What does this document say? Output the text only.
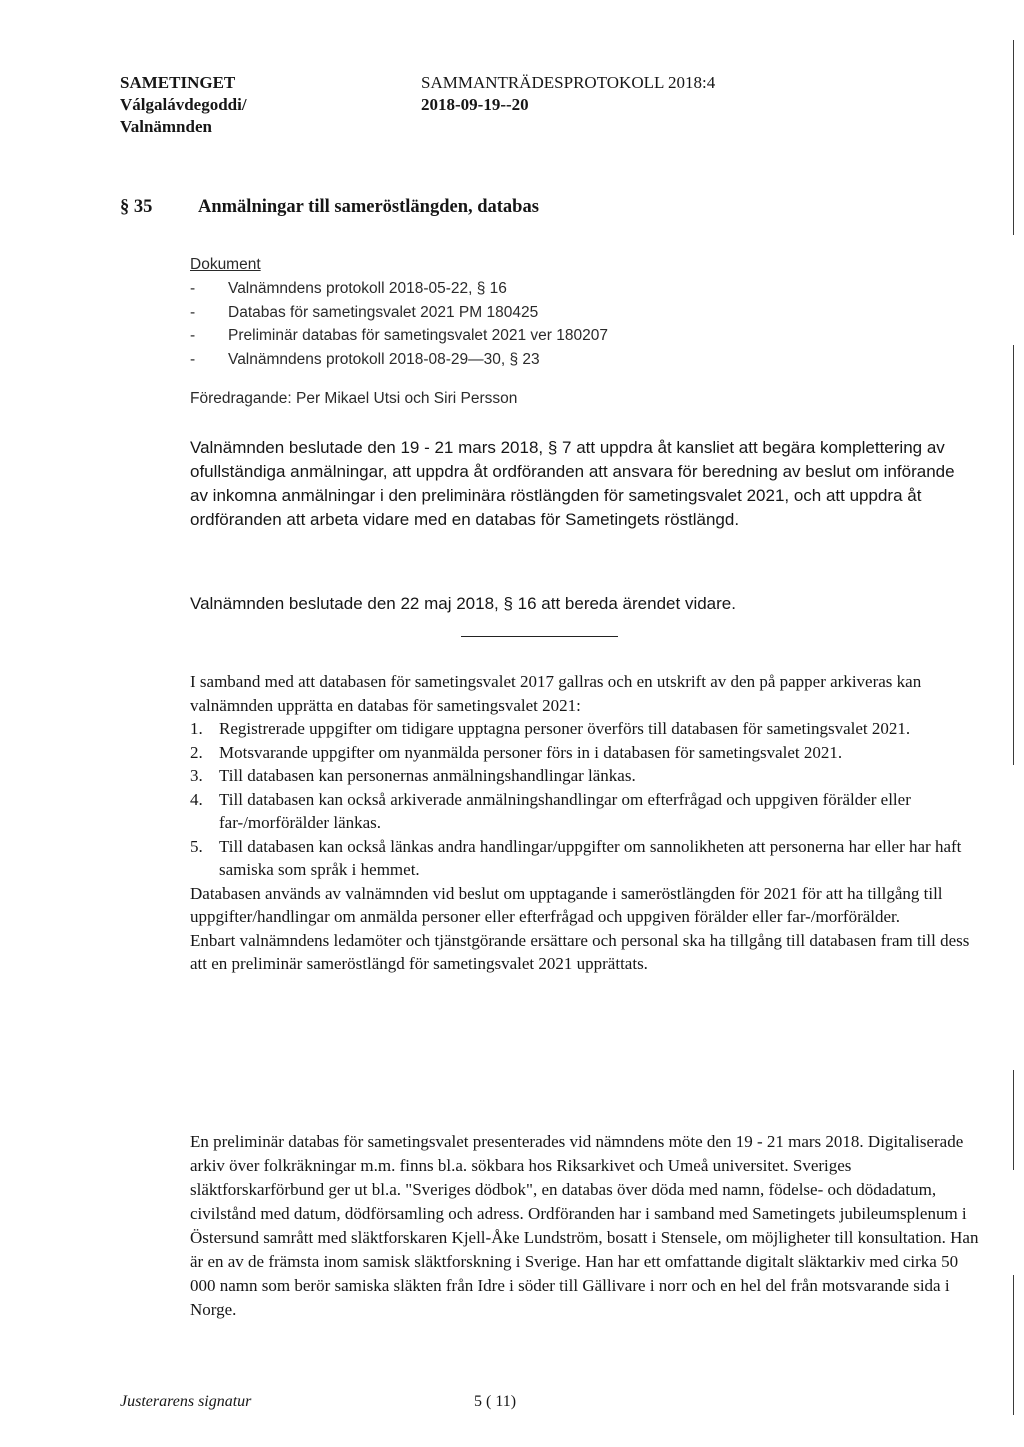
SAMETINGET
Válgalávdegoddi/
Valnämnden
SAMMANTRÄDESPROTOKOLL 2018:4
2018-09-19--20
§ 35 Anmälningar till sameröstlängden, databas
Dokument
- Valnämndens protokoll 2018-05-22, § 16
- Databas för sametingsvalet 2021 PM 180425
- Preliminär databas för sametingsvalet 2021 ver 180207
- Valnämndens protokoll 2018-08-29—30, § 23
Föredragande: Per Mikael Utsi och Siri Persson
Valnämnden beslutade den 19 - 21 mars 2018, § 7 att uppdra åt kansliet att begära komplettering av ofullständiga anmälningar, att uppdra åt ordföranden att ansvara för beredning av beslut om införande av inkomna anmälningar i den preliminära röstlängden för sametingsvalet 2021, och att uppdra åt ordföranden att arbeta vidare med en databas för Sametingets röstlängd.
Valnämnden beslutade den 22 maj 2018, § 16 att bereda ärendet vidare.

I samband med att databasen för sametingsvalet 2017 gallras och en utskrift av den på papper arkiveras kan valnämnden upprätta en databas för sametingsvalet 2021:

1. Registrerade uppgifter om tidigare upptagna personer överförs till databasen för sametingsvalet 2021.
2. Motsvarande uppgifter om nyanmälda personer förs in i databasen för sametingsvalet 2021.
3. Till databasen kan personernas anmälningshandlingar länkas.
4. Till databasen kan också arkiverade anmälningshandlingar om efterfrågad och uppgiven förälder eller far-/morförälder länkas.
5. Till databasen kan också länkas andra handlingar/uppgifter om sannolikheten att personerna har eller har haft samiska som språk i hemmet.

Databasen används av valnämnden vid beslut om upptagande i sameröstlängden för 2021 för att ha tillgång till uppgifter/handlingar om anmälda personer eller efterfrågad och uppgiven förälder eller far-/morförälder.

Enbart valnämndens ledamöter och tjänstgörande ersättare och personal ska ha tillgång till databasen fram till dess att en preliminär sameröstlängd för sametingsvalet 2021 upprättats.

En preliminär databas för sametingsvalet presenterades vid nämndens möte den 19 - 21 mars 2018. Digitaliserade arkiv över folkräkningar m.m. finns bl.a. sökbara hos Riksarkivet och Umeå universitet. Sveriges släktforskarförbund ger ut bl.a. "Sveriges dödbok", en databas över döda med namn, födelse- och dödadatum, civilstånd med datum, dödförsamling och adress. Ordföranden har i samband med Sametingets jubileumsplenum i Östersund samrått med släktforskaren Kjell-Åke Lundström, bosatt i Stensele, om möjligheter till konsultation. Han är en av de främsta inom samisk släktforskning i Sverige. Han har ett omfattande digitalt släktarkiv med cirka 50 000 namn som berör samiska släkten från Idre i söder till Gällivare i norr och en hel del från motsvarande sida i Norge.
Justerarens signatur	5 ( 11)
